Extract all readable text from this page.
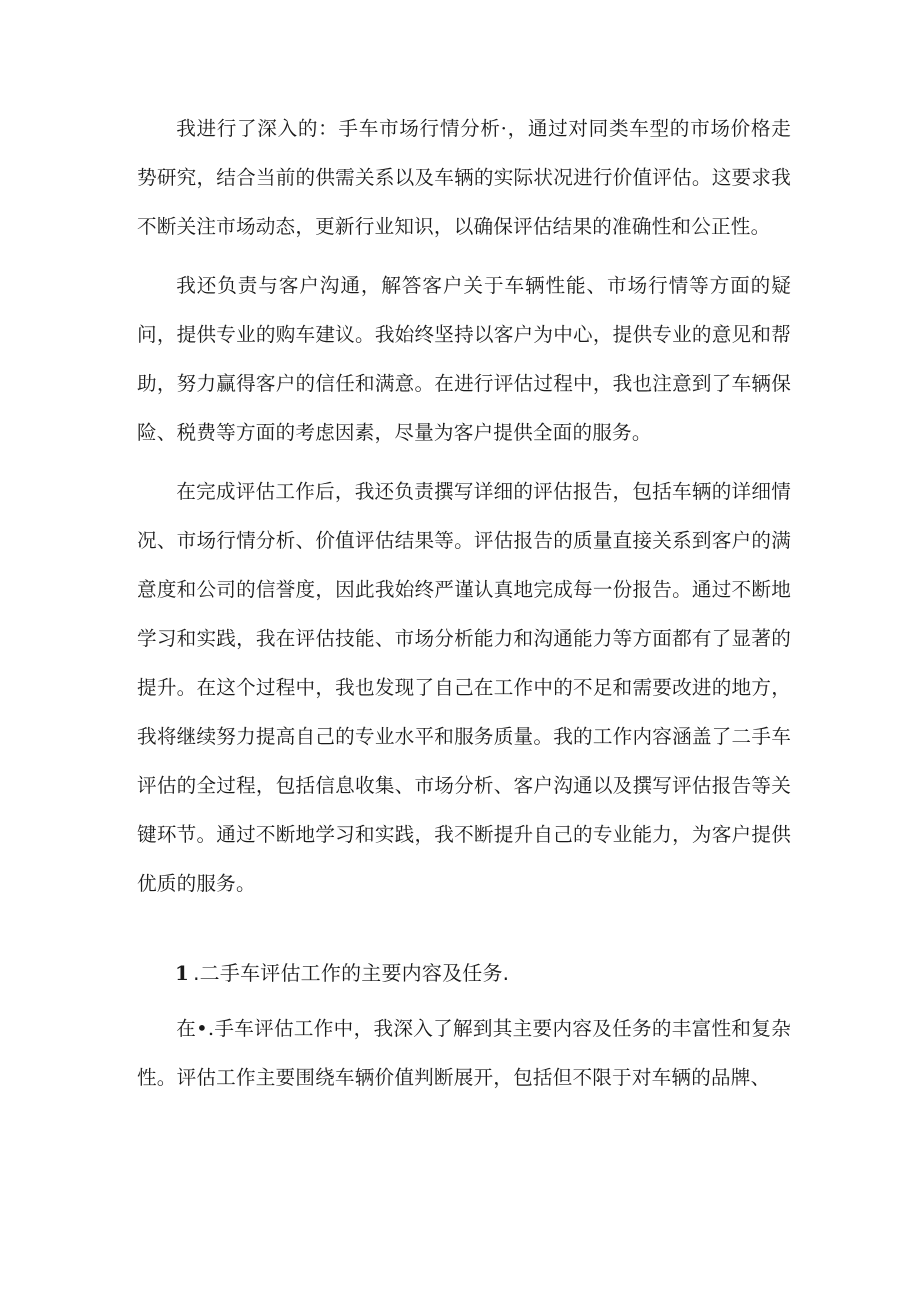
我进行了深入的：手车市场行情分析·，通过对同类车型的市场价格走势研究，结合当前的供需关系以及车辆的实际状况进行价值评估。这要求我不断关注市场动态，更新行业知识，以确保评估结果的准确性和公正性。

我还负责与客户沟通，解答客户关于车辆性能、市场行情等方面的疑问，提供专业的购车建议。我始终坚持以客户为中心，提供专业的意见和帮助，努力赢得客户的信任和满意。在进行评估过程中，我也注意到了车辆保险、税费等方面的考虑因素，尽量为客户提供全面的服务。

在完成评估工作后，我还负责撰写详细的评估报告，包括车辆的详细情况、市场行情分析、价值评估结果等。评估报告的质量直接关系到客户的满意度和公司的信誉度，因此我始终严谨认真地完成每一份报告。通过不断地学习和实践，我在评估技能、市场分析能力和沟通能力等方面都有了显著的提升。在这个过程中，我也发现了自己在工作中的不足和需要改进的地方，我将继续努力提高自己的专业水平和服务质量。我的工作内容涵盖了二手车评估的全过程，包括信息收集、市场分析、客户沟通以及撰写评估报告等关键环节。通过不断地学习和实践，我不断提升自己的专业能力，为客户提供优质的服务。

1 .二手车评估工作的主要内容及任务.

在•.手车评估工作中，我深入了解到其主要内容及任务的丰富性和复杂性。评估工作主要围绕车辆价值判断展开，包括但不限于对车辆的品牌、
